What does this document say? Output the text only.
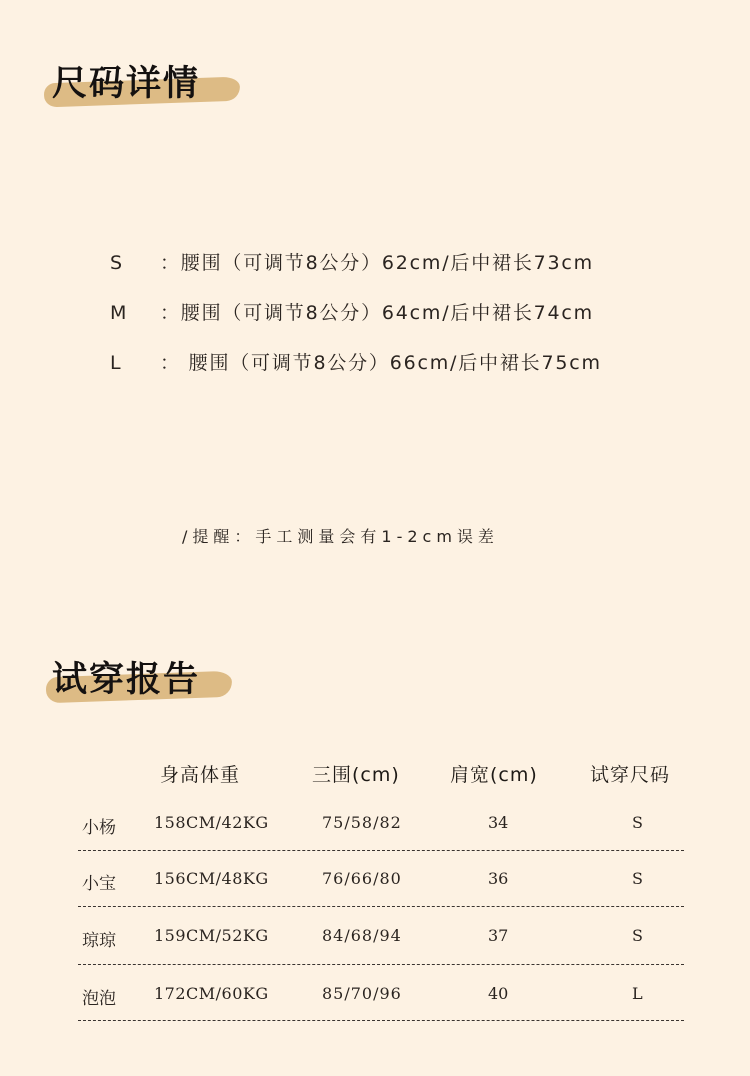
尺码详情
S ：腰围（可调节8公分）62cm/后中裙长73cm
M ：腰围（可调节8公分）64cm/后中裙长74cm
L ： 腰围（可调节8公分）66cm/后中裙长75cm
/提醒：手工测量会有1-2cm误差
试穿报告
身高体重	三围(cm)	肩宽(cm)	试穿尺码
小杨 158CM/42KG	75/58/82	34	S
小宝 156CM/48KG	76/66/80	36	S
琼琼 159CM/52KG	84/68/94	37	S
泡泡 172CM/60KG	85/70/96	40	L
